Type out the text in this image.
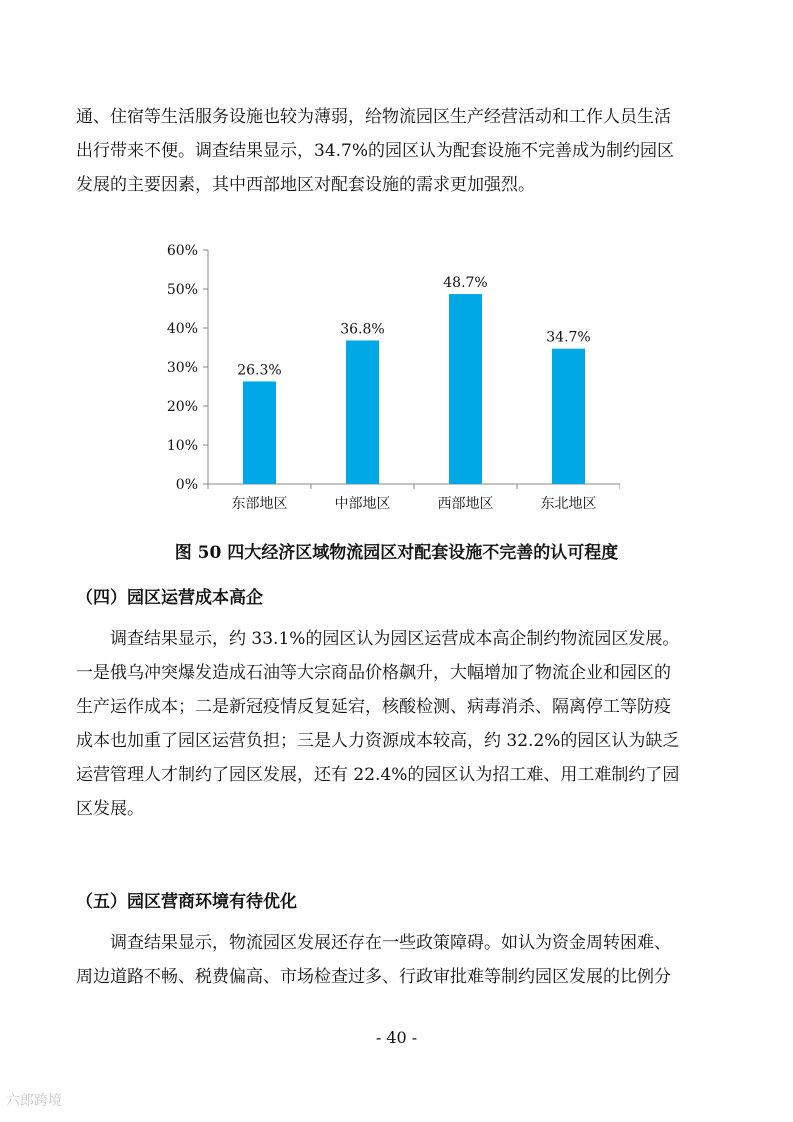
通、住宿等生活服务设施也较为薄弱，给物流园区生产经营活动和工作人员生活
出行带来不便。调查结果显示，34.7%的园区认为配套设施不完善成为制约园区
发展的主要因素，其中西部地区对配套设施的需求更加强烈。
0%
10%
20%
30%
40%
50%
60%
26.3%
东部地区
36.8%
中部地区
48.7%
西部地区
34.7%
东北地区

图 50 四大经济区域物流园区对配套设施不完善的认可程度

（四）园区运营成本高企

调查结果显示，约 33.1%的园区认为园区运营成本高企制约物流园区发展。
一是俄乌冲突爆发造成石油等大宗商品价格飙升，大幅增加了物流企业和园区的
生产运作成本；二是新冠疫情反复延宕，核酸检测、病毒消杀、隔离停工等防疫
成本也加重了园区运营负担；三是人力资源成本较高，约 32.2%的园区认为缺乏
运营管理人才制约了园区发展，还有 22.4%的园区认为招工难、用工难制约了园
区发展。

（五）园区营商环境有待优化

调查结果显示，物流园区发展还存在一些政策障碍。如认为资金周转困难、
周边道路不畅、税费偏高、市场检查过多、行政审批难等制约园区发展的比例分
- 40 -
六郎跨境
